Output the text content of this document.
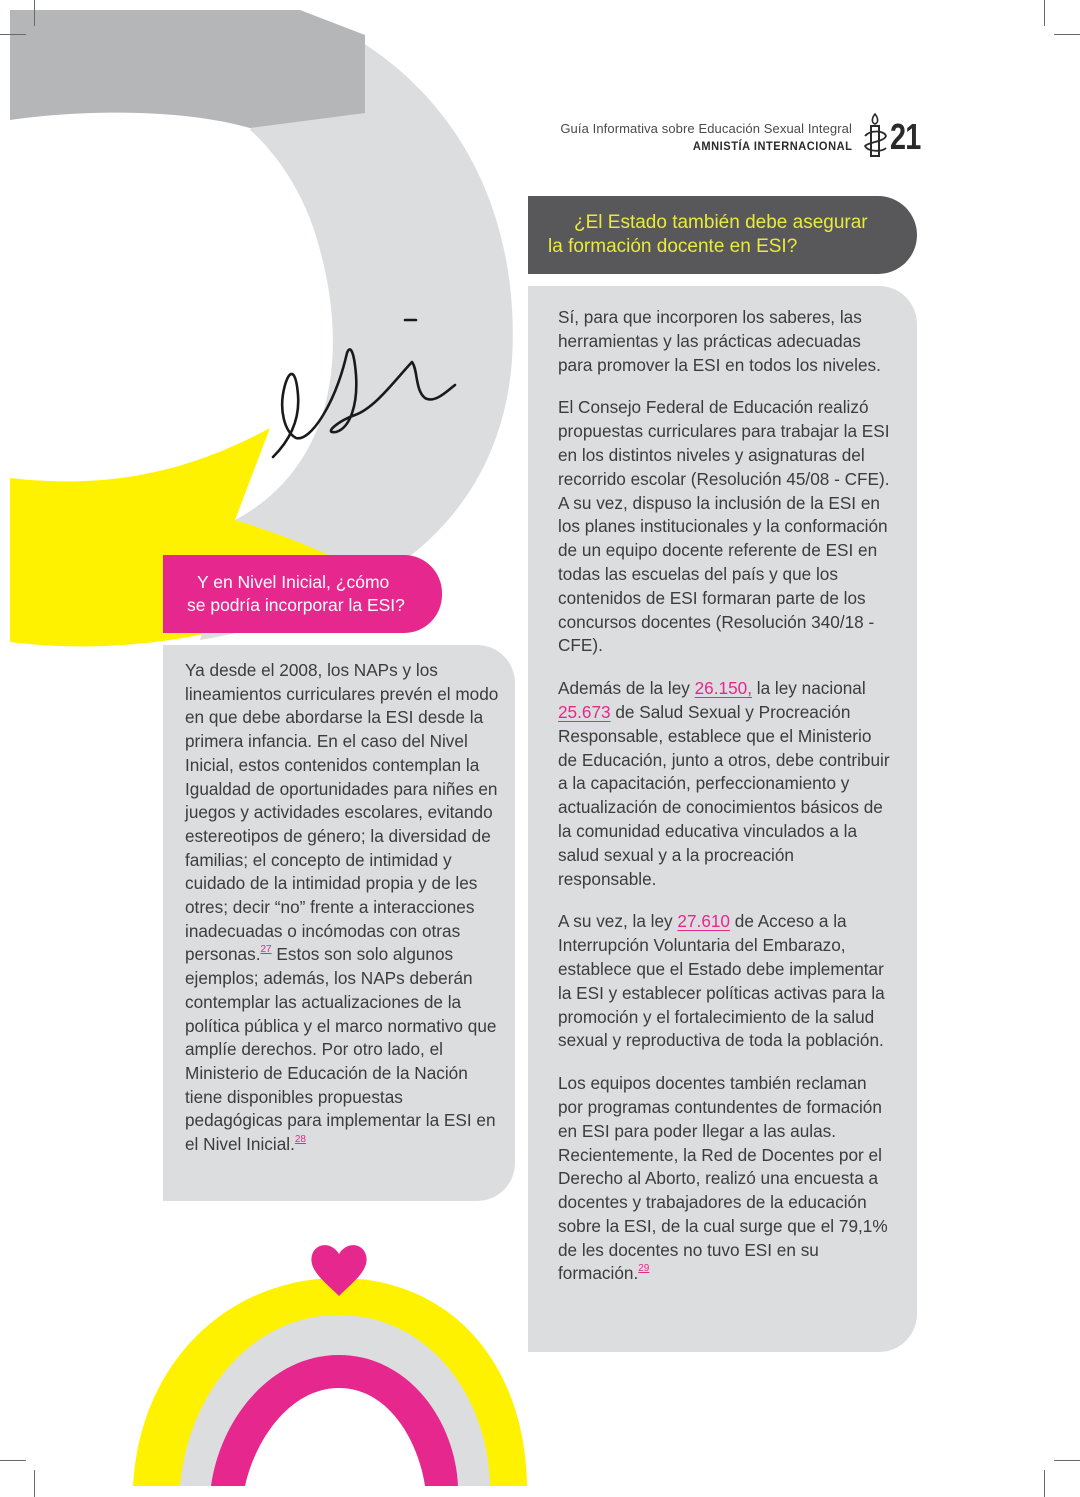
Guía Informativa sobre Educación Sexual Integral
AMNISTÍA INTERNACIONAL 21
¿El Estado también debe asegurar
la formación docente en ESI?

Sí, para que incorporen los saberes, las herramientas y las prácticas adecuadas para promover la ESI en todos los niveles.

El Consejo Federal de Educación realizó propuestas curriculares para trabajar la ESI en los distintos niveles y asignaturas del recorrido escolar (Resolución 45/08 - CFE). A su vez, dispuso la inclusión de la ESI en los planes institucionales y la conformación de un equipo docente referente de ESI en todas las escuelas del país y que los contenidos de ESI formaran parte de los concursos docentes (Resolución 340/18 - CFE).

Además de la ley 26.150, la ley nacional 25.673 de Salud Sexual y Procreación Responsable, establece que el Ministerio de Educación, junto a otros, debe contribuir a la capacitación, perfeccionamiento y actualización de conocimientos básicos de la comunidad educativa vinculados a la salud sexual y a la procreación responsable.

A su vez, la ley 27.610 de Acceso a la Interrupción Voluntaria del Embarazo, establece que el Estado debe implementar la ESI y establecer políticas activas para la promoción y el fortalecimiento de la salud sexual y reproductiva de toda la población.

Los equipos docentes también reclaman por programas contundentes de formación en ESI para poder llegar a las aulas. Recientemente, la Red de Docentes por el Derecho al Aborto, realizó una encuesta a docentes y trabajadores de la educación sobre la ESI, de la cual surge que el 79,1% de les docentes no tuvo ESI en su formación.$^{29}$

Y en Nivel Inicial, ¿cómo
se podría incorporar la ESI?

Ya desde el 2008, los NAPs y los lineamientos curriculares prevén el modo en que debe abordarse la ESI desde la primera infancia. En el caso del Nivel Inicial, estos contenidos contemplan la Igualdad de oportunidades para niñes en juegos y actividades escolares, evitando estereotipos de género; la diversidad de familias; el concepto de intimidad y cuidado de la intimidad propia y de les otres; decir “no” frente a interacciones inadecuadas o incómodas con otras personas.$^{27}$ Estos son solo algunos ejemplos; además, los NAPs deberán contemplar las actualizaciones de la política pública y el marco normativo que amplíe derechos. Por otro lado, el Ministerio de Educación de la Nación tiene disponibles propuestas pedagógicas para implementar la ESI en el Nivel Inicial.$^{28}$
